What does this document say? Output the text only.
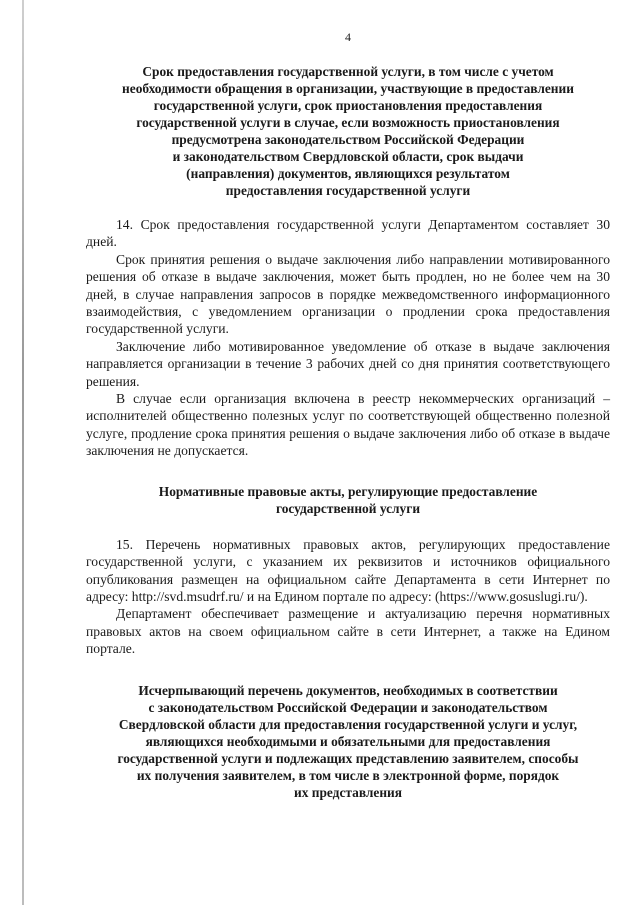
4
Срок предоставления государственной услуги, в том числе с учетом
необходимости обращения в организации, участвующие в предоставлении
государственной услуги, срок приостановления предоставления
государственной услуги в случае, если возможность приостановления
предусмотрена законодательством Российской Федерации
и законодательством Свердловской области, срок выдачи
(направления) документов, являющихся результатом
предоставления государственной услуги

14. Срок предоставления государственной услуги Департаментом составляет 30 дней.

Срок принятия решения о выдаче заключения либо направлении мотивированного решения об отказе в выдаче заключения, может быть продлен, но не более чем на 30 дней, в случае направления запросов в порядке межведомственного информационного взаимодействия, с уведомлением организации о продлении срока предоставления государственной услуги.

Заключение либо мотивированное уведомление об отказе в выдаче заключения направляется организации в течение 3 рабочих дней со дня принятия соответствующего решения.

В случае если организация включена в реестр некоммерческих организаций – исполнителей общественно полезных услуг по соответствующей общественно полезной услуге, продление срока принятия решения о выдаче заключения либо об отказе в выдаче заключения не допускается.

Нормативные правовые акты, регулирующие предоставление
государственной услуги

15. Перечень нормативных правовых актов, регулирующих предоставление государственной услуги, с указанием их реквизитов и источников официального опубликования размещен на официальном сайте Департамента в сети Интернет по адресу: http://svd.msudrf.ru/ и на Едином портале по адресу: (https://www.gosuslugi.ru/).

Департамент обеспечивает размещение и актуализацию перечня нормативных правовых актов на своем официальном сайте в сети Интернет, а также на Едином портале.

Исчерпывающий перечень документов, необходимых в соответствии
с законодательством Российской Федерации и законодательством
Свердловской области для предоставления государственной услуги и услуг,
являющихся необходимыми и обязательными для предоставления
государственной услуги и подлежащих представлению заявителем, способы
их получения заявителем, в том числе в электронной форме, порядок
их представления
